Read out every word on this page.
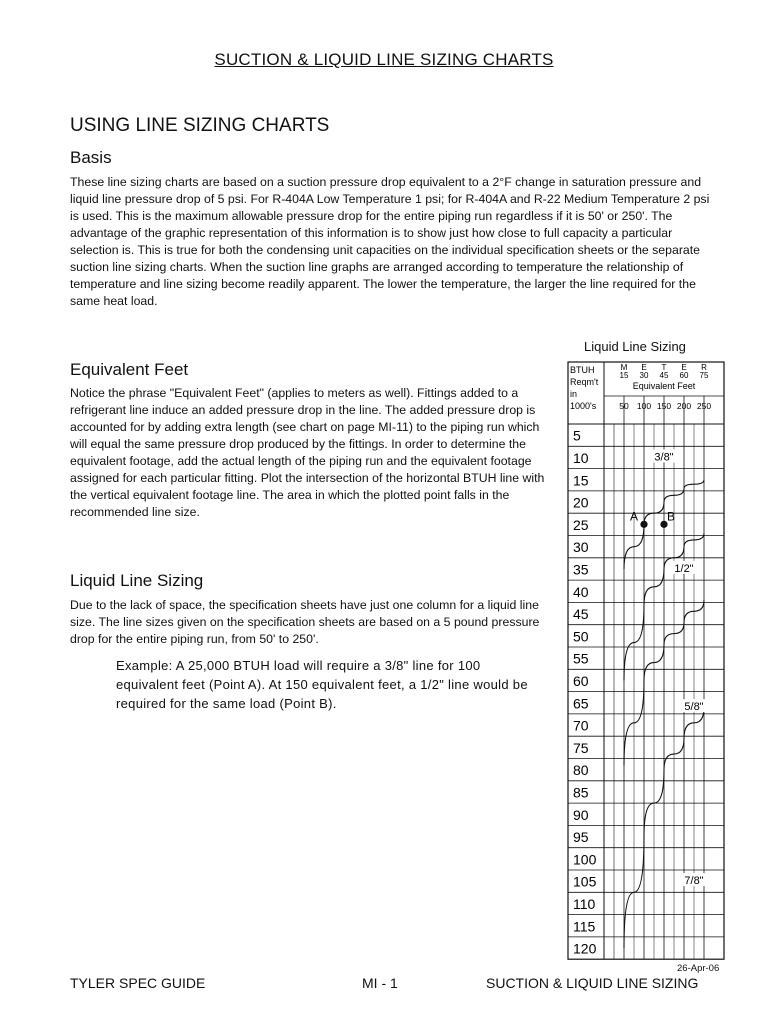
SUCTION & LIQUID LINE SIZING CHARTS
USING LINE SIZING CHARTS
Basis

These line sizing charts are based on a suction pressure drop equivalent to a 2°F change in saturation pressure and liquid line pressure drop of 5 psi. For R-404A Low Temperature 1 psi; for R-404A and R-22 Medium Temperature 2 psi is used. This is the maximum allowable pressure drop for the entire piping run regardless if it is 50' or 250'. The advantage of the graphic representation of this information is to show just how close to full capacity a particular selection is. This is true for both the condensing unit capacities on the individual specification sheets or the separate suction line sizing charts. When the suction line graphs are arranged according to temperature the relationship of temperature and line sizing become readily apparent. The lower the temperature, the larger the line required for the same heat load.

Equivalent Feet

Notice the phrase "Equivalent Feet" (applies to meters as well). Fittings added to a refrigerant line induce an added pressure drop in the line. The added pressure drop is accounted for by adding extra length (see chart on page MI-11) to the piping run which will equal the same pressure drop produced by the fittings. In order to determine the equivalent footage, add the actual length of the piping run and the equivalent footage assigned for each particular fitting. Plot the intersection of the horizontal BTUH line with the vertical equivalent footage line. The area in which the plotted point falls in the recommended line size.

Liquid Line Sizing

Due to the lack of space, the specification sheets have just one column for a liquid line size. The line sizes given on the specification sheets are based on a 5 pound pressure drop for the entire piping run, from 50' to 250'.

Example: A 25,000 BTUH load will require a 3/8" line for 100 equivalent feet (Point A). At 150 equivalent feet, a 1/2" line would be required for the same load (Point B).

Liquid Line Sizing
BTUH
Reqm't
in
1000's
M E T E R
15 30 45 60 75
Equivalent Feet
50 100 150 200 250
5
10
15
20
25
30
35
40
45
50
55
60
65
70
75
80
85
90
95
100
105
110
115
120
3/8"
1/2"
5/8"
7/8"
A B
26-Apr-06
TYLER SPEC GUIDE	MI - 1	SUCTION & LIQUID LINE SIZING
